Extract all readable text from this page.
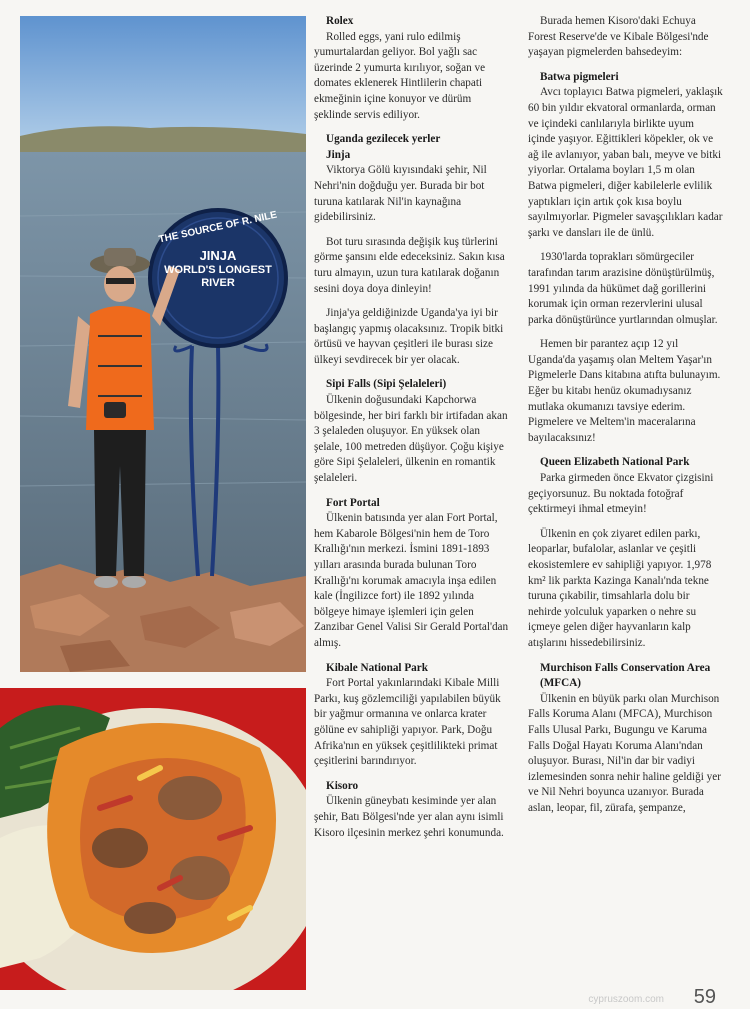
THE SOURCE OF R. NILE
JINJA
WORLD'S LONGEST
RIVER
Rolex

Rolled eggs, yani rulo edilmiş yumurtalardan geliyor. Bol yağlı sac üzerinde 2 yumurta kırılıyor, soğan ve domates eklenerek Hintlilerin chapati ekmeğinin içine konuyor ve dürüm şeklinde servis ediliyor.

Uganda gezilecek yerler
Jinja

Viktorya Gölü kıyısındaki şehir, Nil Nehri'nin doğduğu yer. Burada bir bot turuna katılarak Nil'in kaynağına gidebilirsiniz.

Bot turu sırasında değişik kuş türlerini görme şansını elde edeceksiniz. Sakın kısa turu almayın, uzun tura katılarak doğanın sesini doya doya dinleyin!

Jinja'ya geldiğinizde Uganda'ya iyi bir başlangıç yapmış olacaksınız. Tropik bitki örtüsü ve hayvan çeşitleri ile burası size ülkeyi sevdirecek bir yer olacak.

Sipi Falls (Sipi Şelaleleri)

Ülkenin doğusundaki Kapchorwa bölgesinde, her biri farklı bir irtifadan akan 3 şelaleden oluşuyor. En yüksek olan şelale, 100 metreden düşüyor. Çoğu kişiye göre Sipi Şelaleleri, ülkenin en romantik şelaleleri.

Fort Portal

Ülkenin batısında yer alan Fort Portal, hem Kabarole Bölgesi'nin hem de Toro Krallığı'nın merkezi. İsmini 1891-1893 yılları arasında burada bulunan Toro Krallığı'nı korumak amacıyla inşa edilen kale (İngilizce fort) ile 1892 yılında bölgeye himaye işlemleri için gelen Zanzibar Genel Valisi Sir Gerald Portal'dan almış.

Kibale National Park

Fort Portal yakınlarındaki Kibale Milli Parkı, kuş gözlemciliği yapılabilen büyük bir yağmur ormanına ve onlarca krater gölüne ev sahipliği yapıyor. Park, Doğu Afrika'nın en yüksek çeşitlilikteki primat çeşitlerini barındırıyor.

Kisoro

Ülkenin güneybatı kesiminde yer alan şehir, Batı Bölgesi'nde yer alan aynı isimli Kisoro ilçesinin merkez şehri konumunda.

Burada hemen Kisoro'daki Echuya Forest Reserve'de ve Kibale Bölgesi'nde yaşayan pigmelerden bahsedeyim:

Batwa pigmeleri

Avcı toplayıcı Batwa pigmeleri, yaklaşık 60 bin yıldır ekvatoral ormanlarda, orman ve içindeki canlılarıyla birlikte uyum içinde yaşıyor. Eğittikleri köpekler, ok ve ağ ile avlanıyor, yaban balı, meyve ve bitki yiyorlar. Ortalama boyları 1,5 m olan Batwa pigmeleri, diğer kabilelerle evlilik yaptıkları için artık çok kısa boylu sayılmıyorlar. Pigmeler savaşçılıkları kadar şarkı ve dansları ile de ünlü.

1930'larda toprakları sömürgeciler tarafından tarım arazisine dönüştürülmüş, 1991 yılında da hükümet dağ gorillerini korumak için orman rezervlerini ulusal parka dönüştürünce yurtlarından olmuşlar.

Hemen bir parantez açıp 12 yıl Uganda'da yaşamış olan Meltem Yaşar'ın Pigmelerle Dans kitabına atıfta bulunayım. Eğer bu kitabı henüz okumadıysanız mutlaka okumanızı tavsiye ederim. Pigmelere ve Meltem'in maceralarına bayılacaksınız!

Queen Elizabeth National Park

Parka girmeden önce Ekvator çizgisini geçiyorsunuz. Bu noktada fotoğraf çektirmeyi ihmal etmeyin!

Ülkenin en çok ziyaret edilen parkı, leoparlar, bufalolar, aslanlar ve çeşitli ekosistemlere ev sahipliği yapıyor. 1,978 km² lik parkta Kazinga Kanalı'nda tekne turuna çıkabilir, timsahlarla dolu bir nehirde yolculuk yaparken o nehre su içmeye gelen diğer hayvanların kalp atışlarını hissedebilirsiniz.

Murchison Falls Conservation Area (MFCA)

Ülkenin en büyük parkı olan Murchison Falls Koruma Alanı (MFCA), Murchison Falls Ulusal Parkı, Bugungu ve Karuma Falls Doğal Hayatı Koruma Alanı'ndan oluşuyor. Burası, Nil'in dar bir vadiyi izlemesinden sonra nehir haline geldiği yer ve Nil Nehri boyunca uzanıyor. Burada aslan, leopar, fil, zürafa, şempanze,

cypruszoom.com 59
